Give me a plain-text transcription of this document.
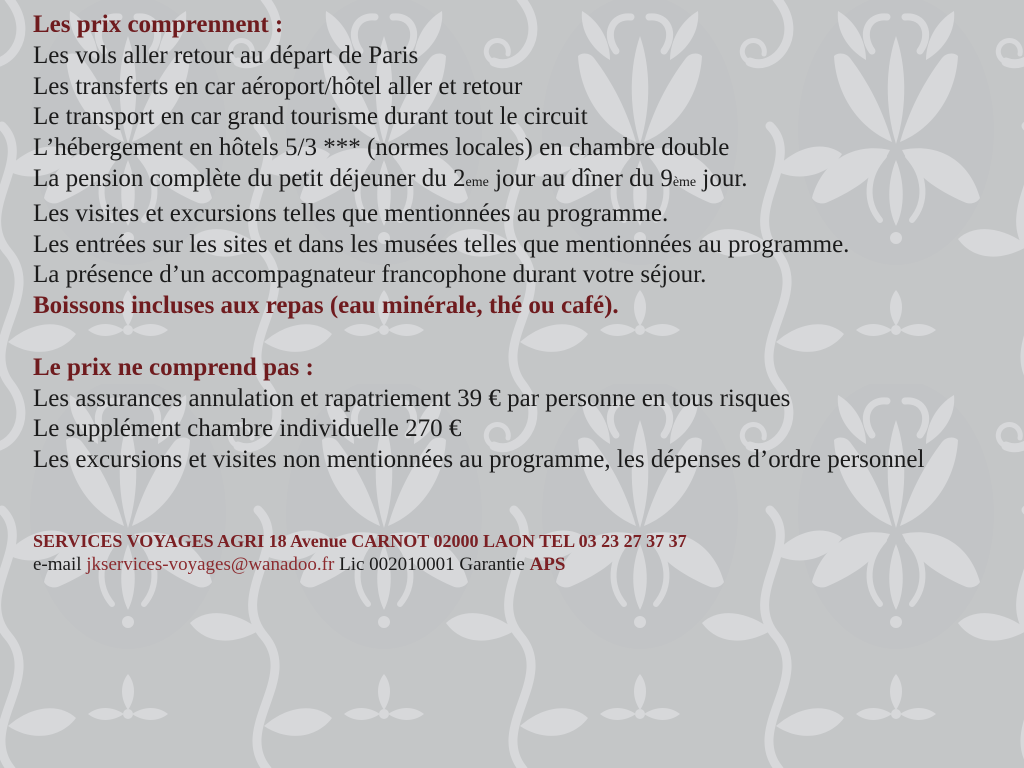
Les prix comprennent :
Les vols aller retour au départ de Paris
Les transferts en car aéroport/hôtel aller et retour
Le transport en car grand tourisme durant tout le circuit
L’hébergement en hôtels 5/3 *** (normes locales) en chambre double
La pension complète du petit déjeuner du 2eme jour au dîner du 9ème jour.
Les visites et excursions telles que mentionnées au programme.
Les entrées sur les sites et dans les musées telles que mentionnées au programme.
La présence d’un accompagnateur francophone durant votre séjour.
Boissons incluses aux repas (eau minérale, thé ou café).
Le prix ne comprend pas :
Les assurances annulation et rapatriement 39 € par personne en tous risques
Le supplément chambre individuelle 270 €
Les excursions et visites non mentionnées au programme, les dépenses d’ordre personnel
SERVICES VOYAGES AGRI 18 Avenue CARNOT 02000 LAON TEL 03 23 27 37 37
e-mail jkservices-voyages@wanadoo.fr Lic 002010001 Garantie APS
